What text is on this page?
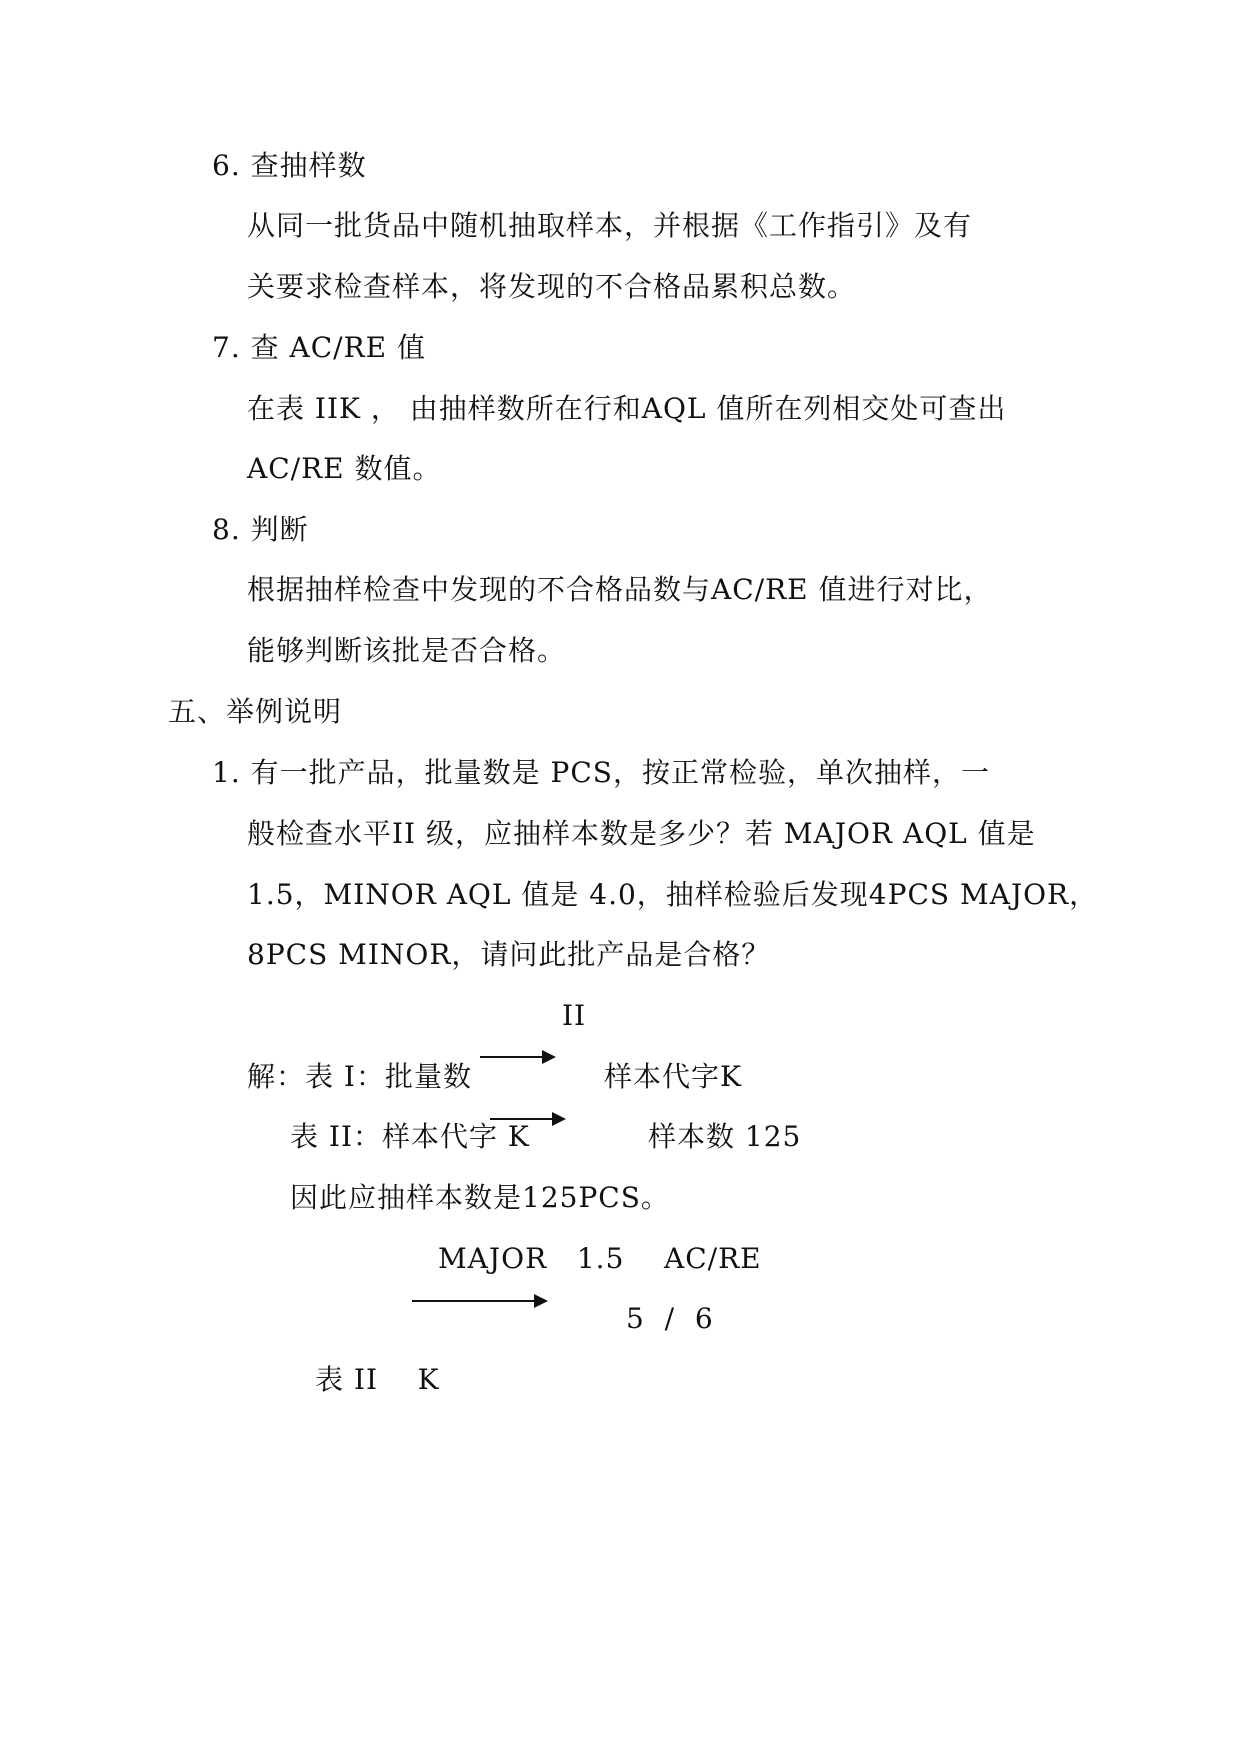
6. 查抽样数
从同一批货品中随机抽取样本，并根据《工作指引》及有
关要求检查样本，将发现的不合格品累积总数。
7. 查 AC/RE 值
在表 IIK ， 由抽样数所在行和AQL 值所在列相交处可查出
AC/RE 数值。
8. 判断
根据抽样检查中发现的不合格品数与AC/RE 值进行对比，
能够判断该批是否合格。
五、举例说明
1. 有一批产品，批量数是 PCS，按正常检验，单次抽样，一
般检查水平II 级，应抽样本数是多少？若 MAJOR AQL 值是
1.5，MINOR AQL 值是 4.0，抽样检验后发现4PCS MAJOR，
8PCS MINOR，请问此批产品是合格？
II
解：表 I：批量数	样本代字K
表 II：样本代字 K	样本数 125
因此应抽样本数是125PCS。
MAJOR   1.5    AC/RE
5  /  6
表 II    K
